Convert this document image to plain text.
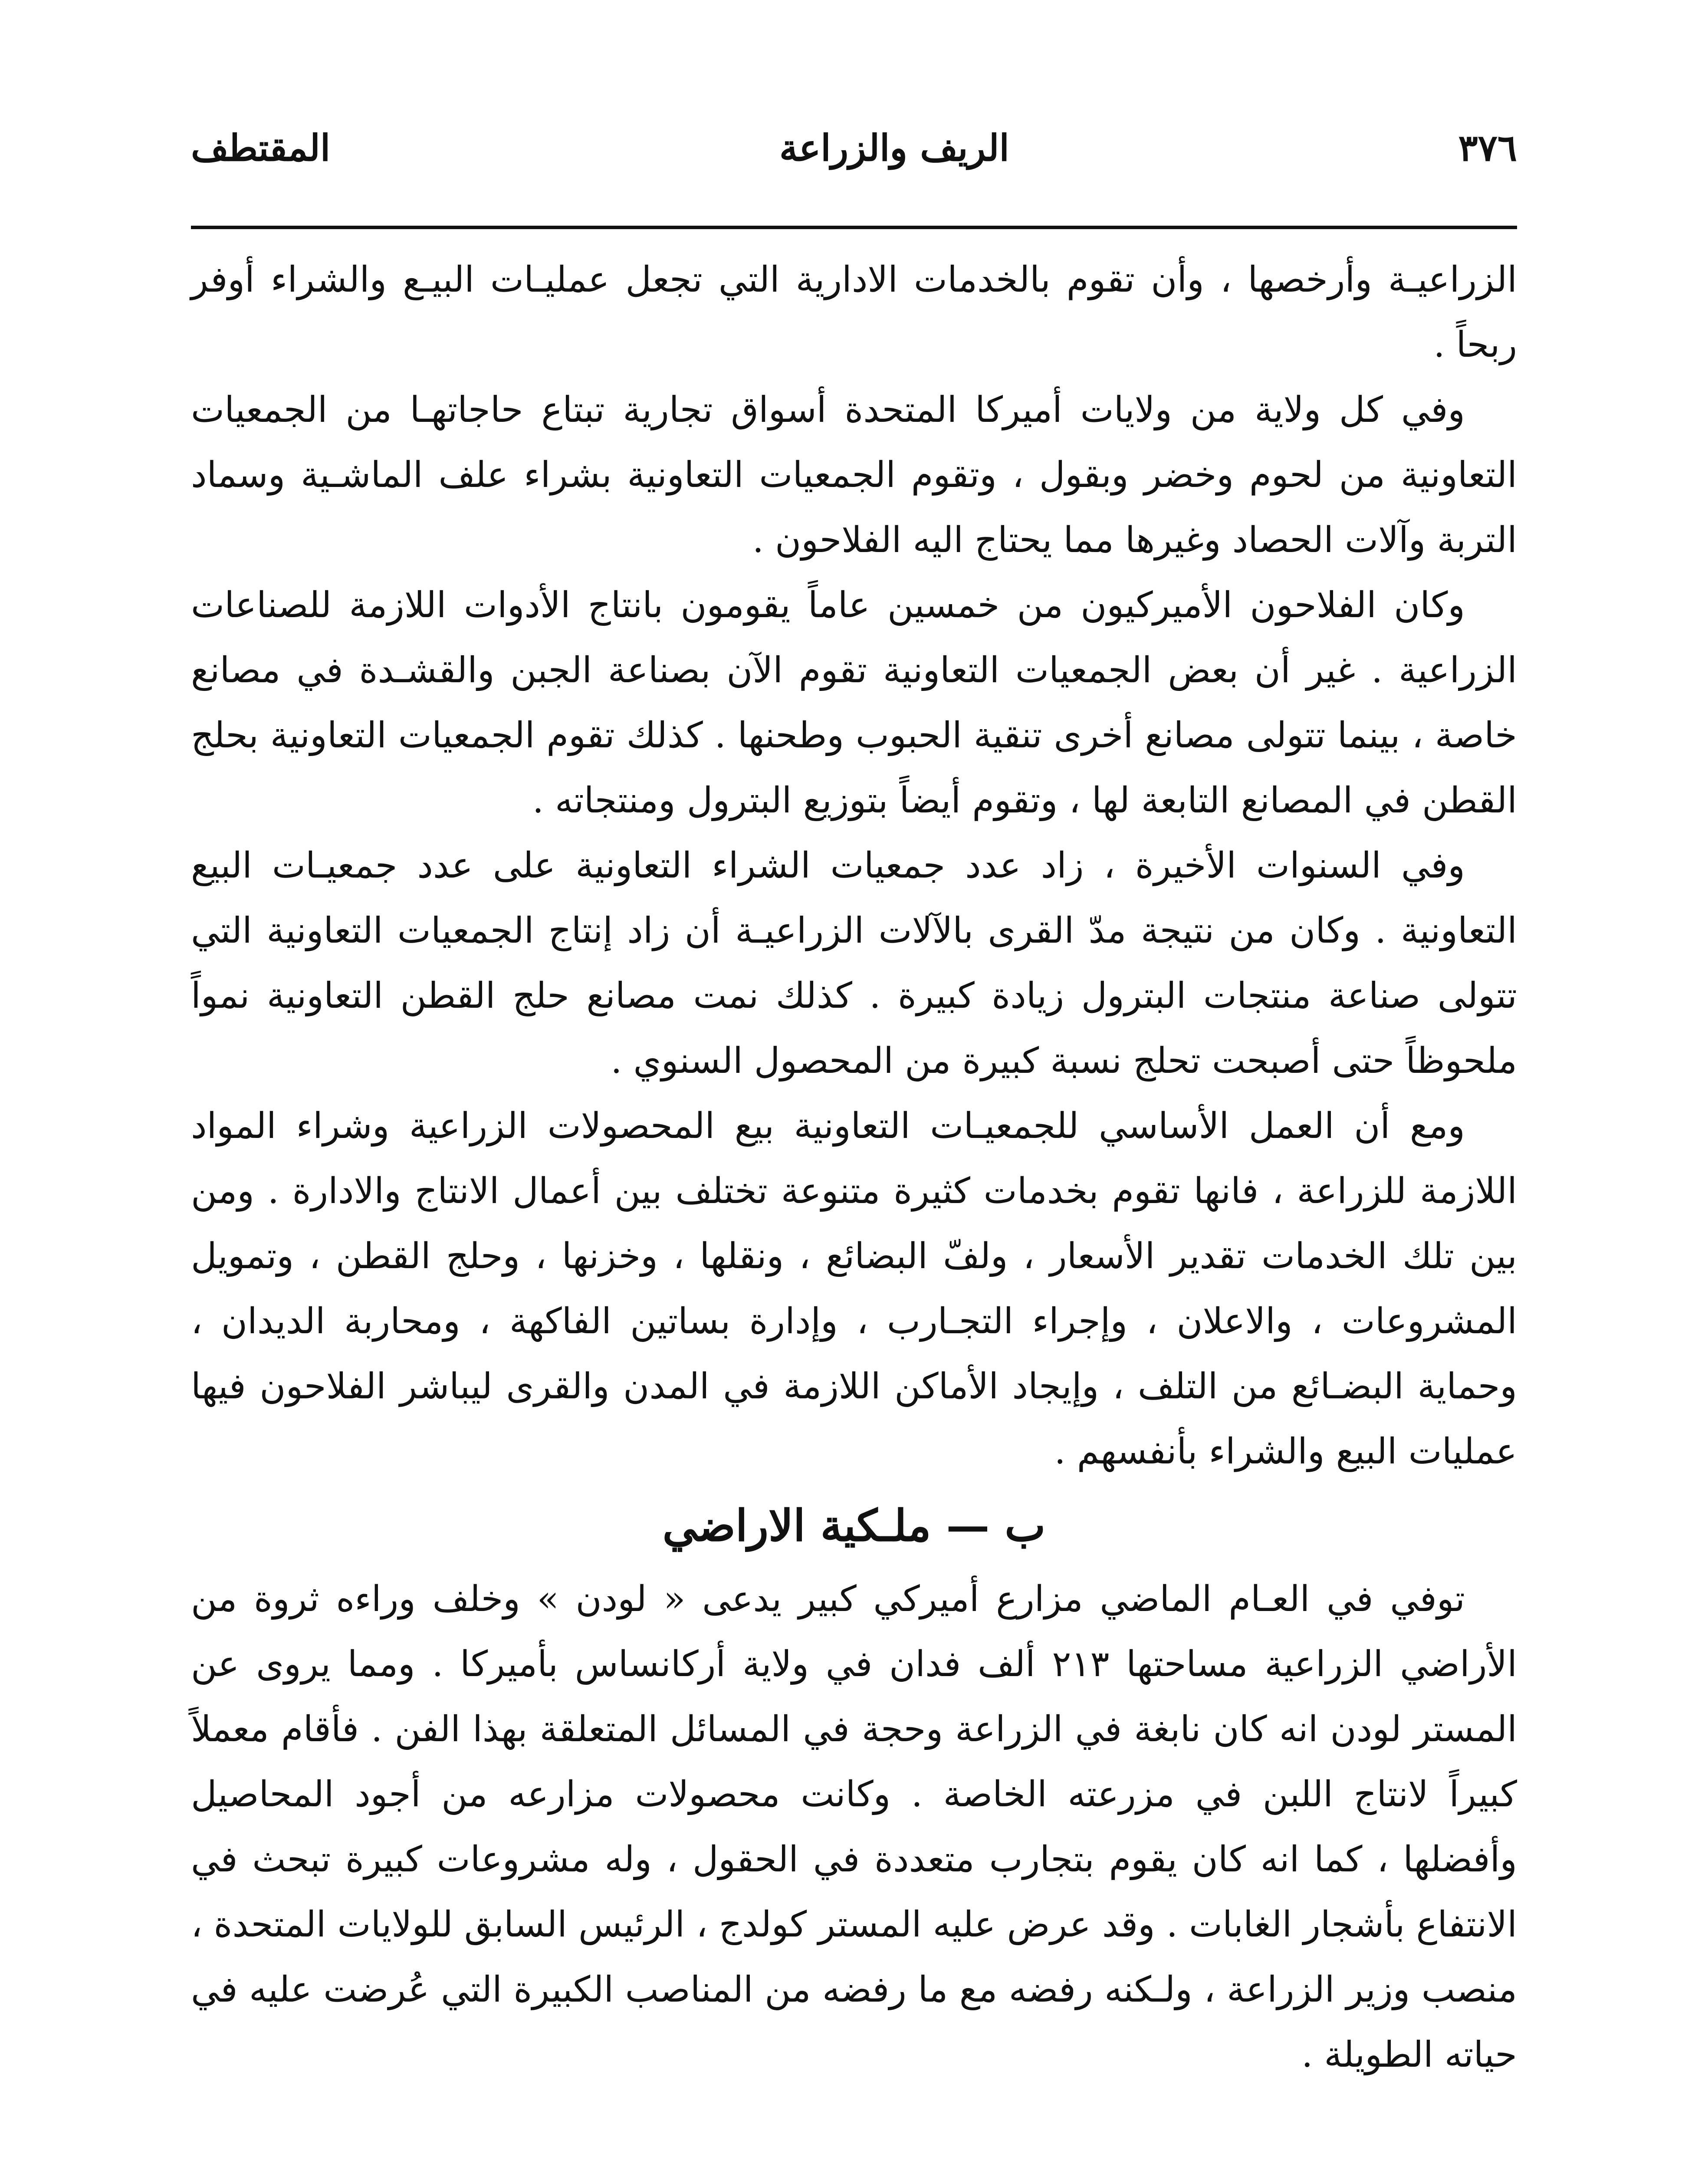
٣٧٦
الريف والزراعة
المقتطف

الزراعيـة وأرخصها ، وأن تقوم بالخدمات الادارية التي تجعل عمليـات البيـع والشراء أوفر ربحاً .

وفي كل ولاية من ولايات أميركا المتحدة أسواق تجارية تبتاع حاجاتهـا من الجمعيات التعاونية من لحوم وخضر وبقول ، وتقوم الجمعيات التعاونية بشراء علف الماشـية وسماد التربة وآلات الحصاد وغيرها مما يحتاج اليه الفلاحون .

وكان الفلاحون الأميركيون من خمسين عاماً يقومون بانتاج الأدوات اللازمة للصناعات الزراعية . غير أن بعض الجمعيات التعاونية تقوم الآن بصناعة الجبن والقشـدة في مصانع خاصة ، بينما تتولى مصانع أخرى تنقية الحبوب وطحنها . كذلك تقوم الجمعيات التعاونية بحلج القطن في المصانع التابعة لها ، وتقوم أيضاً بتوزيع البترول ومنتجاته .

وفي السنوات الأخيرة ، زاد عدد جمعيات الشراء التعاونية على عدد جمعيـات البيع التعاونية . وكان من نتيجة مدّ القرى بالآلات الزراعيـة أن زاد إنتاج الجمعيات التعاونية التي تتولى صناعة منتجات البترول زيادة كبيرة . كذلك نمت مصانع حلج القطن التعاونية نمواً ملحوظاً حتى أصبحت تحلج نسبة كبيرة من المحصول السنوي .

ومع أن العمل الأساسي للجمعيـات التعاونية بيع المحصولات الزراعية وشراء المواد اللازمة للزراعة ، فانها تقوم بخدمات كثيرة متنوعة تختلف بين أعمال الانتاج والادارة . ومن بين تلك الخدمات تقدير الأسعار ، ولفّ البضائع ، ونقلها ، وخزنها ، وحلج القطن ، وتمويل المشروعات ، والاعلان ، وإجراء التجـارب ، وإدارة بساتين الفاكهة ، ومحاربة الديدان ، وحماية البضـائع من التلف ، وإيجاد الأماكن اللازمة في المدن والقرى ليباشر الفلاحون فيها عمليات البيع والشراء بأنفسهم .

ب — ملـكية الاراضي

توفي في العـام الماضي مزارع أميركي كبير يدعى « لودن » وخلف وراءه ثروة من الأراضي الزراعية مساحتها ٢١٣ ألف فدان في ولاية أركانساس بأميركا . ومما يروى عن المستر لودن انه كان نابغة في الزراعة وحجة في المسائل المتعلقة بهذا الفن . فأقام معملاً كبيراً لانتاج اللبن في مزرعته الخاصة . وكانت محصولات مزارعه من أجود المحاصيل وأفضلها ، كما انه كان يقوم بتجارب متعددة في الحقول ، وله مشروعات كبيرة تبحث في الانتفاع بأشجار الغابات . وقد عرض عليه المستر كولدج ، الرئيس السابق للولايات المتحدة ، منصب وزير الزراعة ، ولـكنه رفضه مع ما رفضه من المناصب الكبيرة التي عُرضت عليه في حياته الطويلة .
